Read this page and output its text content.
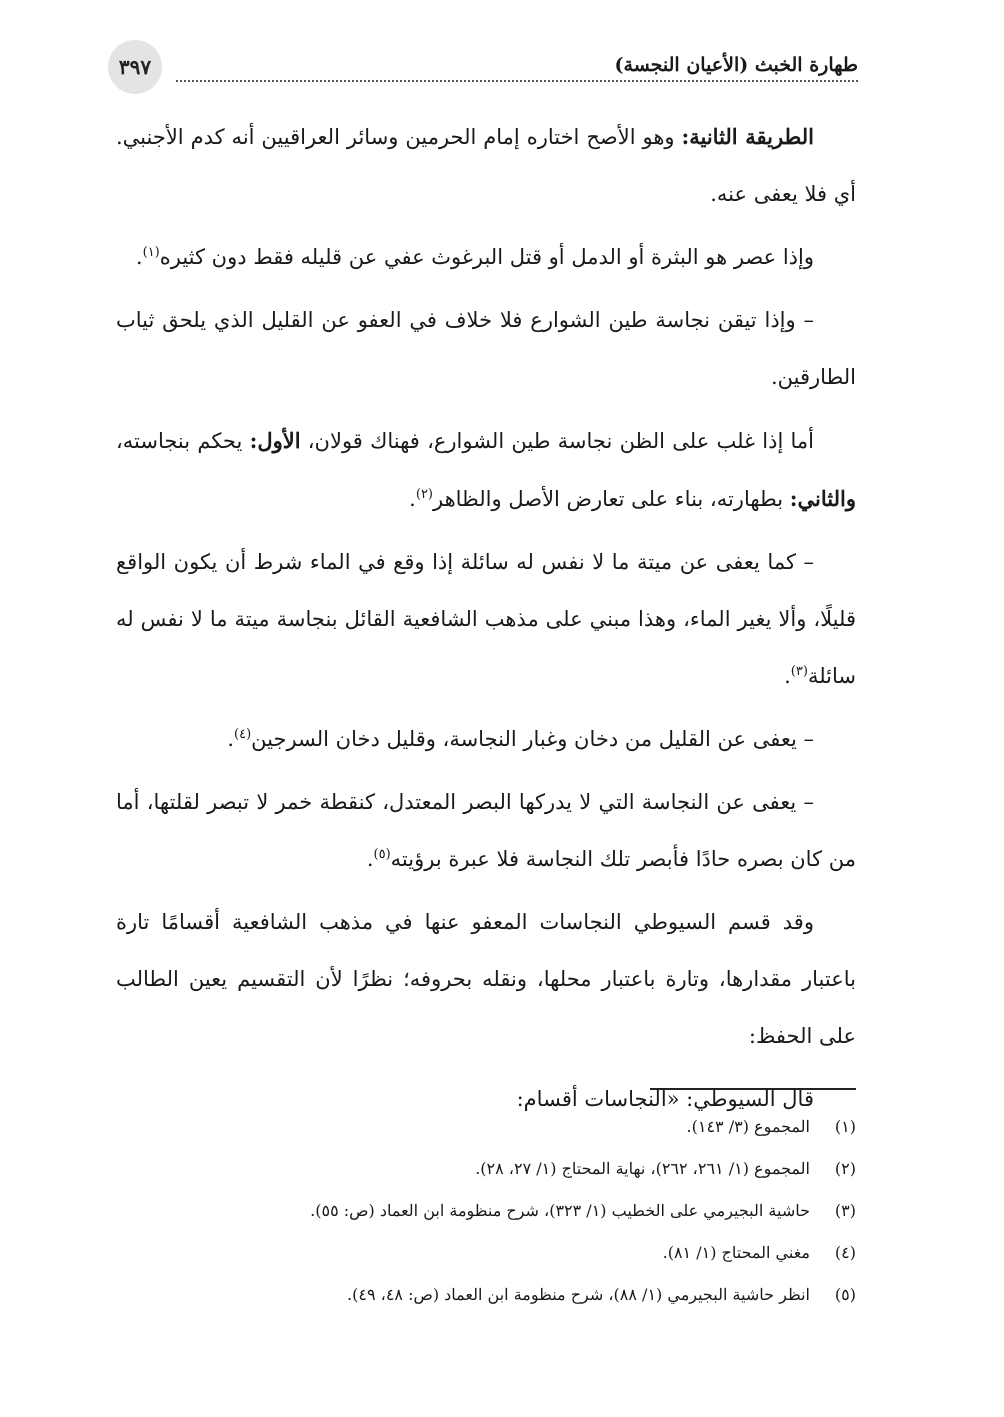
طهارة الخبث (الأعيان النجسة)
٣٩٧

الطريقة الثانية: وهو الأصح اختاره إمام الحرمين وسائر العراقيين أنه كدم الأجنبي. أي فلا يعفى عنه.

وإذا عصر هو البثرة أو الدمل أو قتل البرغوث عفي عن قليله فقط دون كثيره$^{(١)}$.

– وإذا تيقن نجاسة طين الشوارع فلا خلاف في العفو عن القليل الذي يلحق ثياب الطارقين.

أما إذا غلب على الظن نجاسة طين الشوارع، فهناك قولان، الأول: يحكم بنجاسته، والثاني: بطهارته، بناء على تعارض الأصل والظاهر$^{(٢)}$.

– كما يعفى عن ميتة ما لا نفس له سائلة إذا وقع في الماء شرط أن يكون الواقع قليلًا، وألا يغير الماء، وهذا مبني على مذهب الشافعية القائل بنجاسة ميتة ما لا نفس له سائلة$^{(٣)}$.

– يعفى عن القليل من دخان وغبار النجاسة، وقليل دخان السرجين$^{(٤)}$.

– يعفى عن النجاسة التي لا يدركها البصر المعتدل، كنقطة خمر لا تبصر لقلتها، أما من كان بصره حادًا فأبصر تلك النجاسة فلا عبرة برؤيته$^{(٥)}$.

وقد قسم السيوطي النجاسات المعفو عنها في مذهب الشافعية أقسامًا تارة باعتبار مقدارها، وتارة باعتبار محلها، ونقله بحروفه؛ نظرًا لأن التقسيم يعين الطالب على الحفظ:

قال السيوطي: «النجاسات أقسام:

(١)
المجموع (٣/ ١٤٣).
(٢)
المجموع (١/ ٢٦١، ٢٦٢)، نهاية المحتاج (١/ ٢٧، ٢٨).
(٣)
حاشية البجيرمي على الخطيب (١/ ٣٢٣)، شرح منظومة ابن العماد (ص: ٥٥).
(٤)
مغني المحتاج (١/ ٨١).
(٥)
انظر حاشية البجيرمي (١/ ٨٨)، شرح منظومة ابن العماد (ص: ٤٨، ٤٩).
